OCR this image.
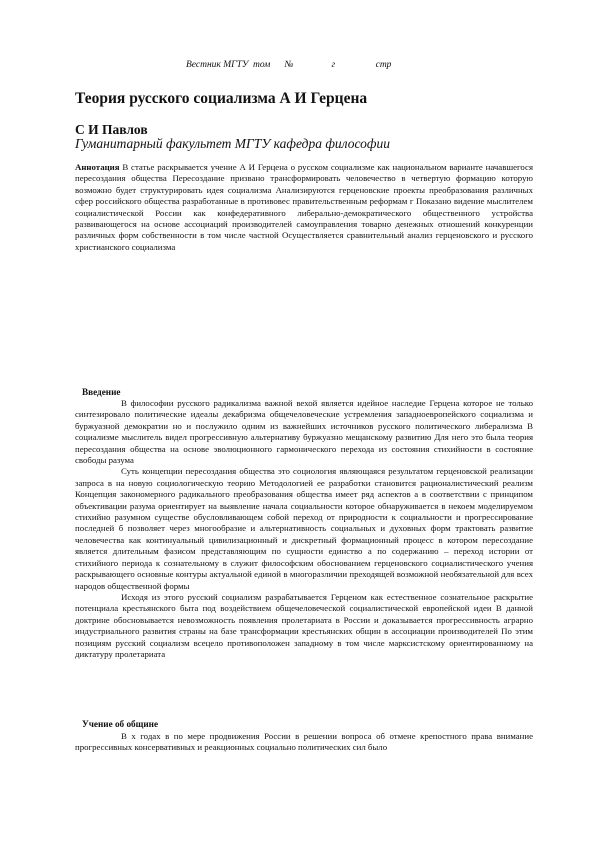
Вестник МГТУ  том      №                г                 стр
Теория русского социализма А И Герцена
С И Павлов
Гуманитарный факультет МГТУ кафедра философии
Аннотация В статье раскрывается учение А И Герцена о русском социализме как национальном варианте начавшегося пересоздания общества Пересоздание призвано трансформировать человечество в четвертую формацию которую возможно будет структурировать идея социализма Анализируются герценовские проекты преобразования различных сфер российского общества разработанные в противовес правительственным реформам г Показано видение мыслителем социалистической России как конфедеративного либерально-демократического общественного устройства развивающегося на основе ассоциаций производителей самоуправления товарно денежных отношений конкуренции различных форм собственности в том числе частной Осуществляется сравнительный анализ герценовского и русского христианского социализма
Введение

В философии русского радикализма важной вехой является идейное наследие Герцена которое не только синтезировало политические идеалы декабризма общечеловеческие устремления западноевропейского социализма и буржуазной демократии но и послужило одним из важнейших источников русского политического либерализма В социализме мыслитель видел прогрессивную альтернативу буржуазно мещанскому развитию Для него это была теория пересоздания общества на основе эволюционного гармонического перехода из состояния стихийности в состояние свободы разума

Суть концепции пересоздания общества это социология являющаяся результатом герценовской реализации запроса в на новую социологическую теорию Методологией ее разработки становится рационалистический реализм Концепция закономерного радикального преобразования общества имеет ряд аспектов а в соответствии с принципом объективации разума ориентирует на выявление начала социальности которое обнаруживается в некоем моделируемом стихийно разумном существе обусловливающем собой переход от природности к социальности и прогрессирование последней б позволяет через многообразие и альтернативность социальных и духовных форм трактовать развитие человечества как континуальный цивилизационный и дискретный формационный процесс в котором пересоздание является длительным фазисом представляющим по сущности единство а по содержанию – переход истории от стихийного периода к сознательному в служит философским обоснованием герценовского социалистического учения раскрывающего основные контуры актуальной единой в многоразличии преходящей возможной необязательной для всех народов общественной формы

Исходя из этого русский социализм разрабатывается Герценом как естественное сознательное раскрытие потенциала крестьянского быта под воздействием общечеловеческой социалистической европейской идеи В данной доктрине обосновывается невозможность появления пролетариата в России и доказывается прогрессивность аграрно индустриального развития страны на базе трансформации крестьянских общин в ассоциации производителей По этим позициям русский социализм всецело противоположен западному в том числе марксистскому ориентированному на диктатуру пролетариата

Учение об общине

В х годах в по мере продвижения России в решении вопроса об отмене крепостного права внимание прогрессивных консервативных и реакционных социально политических сил было
